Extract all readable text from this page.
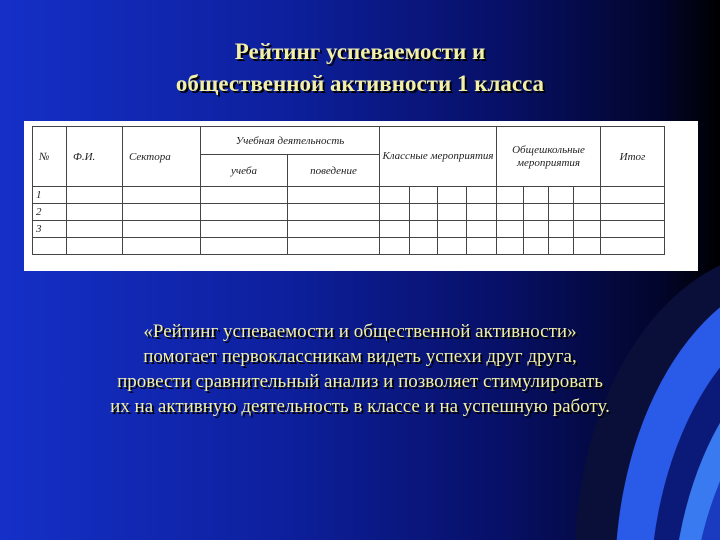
Рейтинг успеваемости и
общественной активности 1 класса
№	Ф.И.	Сектора	Учебная деятельность		Классные мероприятия				Общешкольные мероприятия				Итог
			учеба	поведение									
1													
2													
3													

«Рейтинг успеваемости и общественной активности»
помогает первоклассникам видеть успехи друг друга,
провести сравнительный анализ и позволяет стимулировать
их на активную деятельность в классе и на успешную работу.
